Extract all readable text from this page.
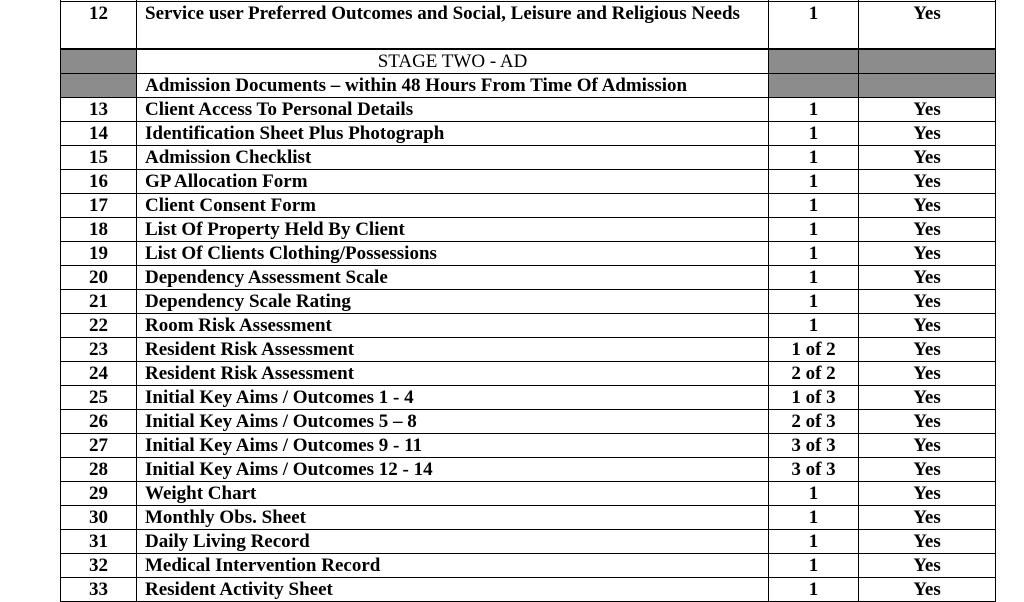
12	Service user Preferred Outcomes and Social, Leisure and Religious Needs	1	Yes
	STAGE TWO - AD		
	Admission Documents – within 48 Hours From Time Of Admission		
13	Client Access To Personal Details	1	Yes
14	Identification Sheet Plus Photograph	1	Yes
15	Admission Checklist	1	Yes
16	GP Allocation Form	1	Yes
17	Client Consent Form	1	Yes
18	List Of Property Held By Client	1	Yes
19	List Of Clients Clothing/Possessions	1	Yes
20	Dependency Assessment Scale	1	Yes
21	Dependency Scale Rating	1	Yes
22	Room Risk Assessment	1	Yes
23	Resident Risk Assessment	1 of 2	Yes
24	Resident Risk Assessment	2 of 2	Yes
25	Initial Key Aims / Outcomes 1 - 4	1 of 3	Yes
26	Initial Key Aims / Outcomes 5 – 8	2 of 3	Yes
27	Initial Key Aims / Outcomes 9 - 11	3 of 3	Yes
28	Initial Key Aims / Outcomes 12 - 14	3 of 3	Yes
29	Weight Chart	1	Yes
30	Monthly Obs. Sheet	1	Yes
31	Daily Living Record	1	Yes
32	Medical Intervention Record	1	Yes
33	Resident Activity Sheet	1	Yes
